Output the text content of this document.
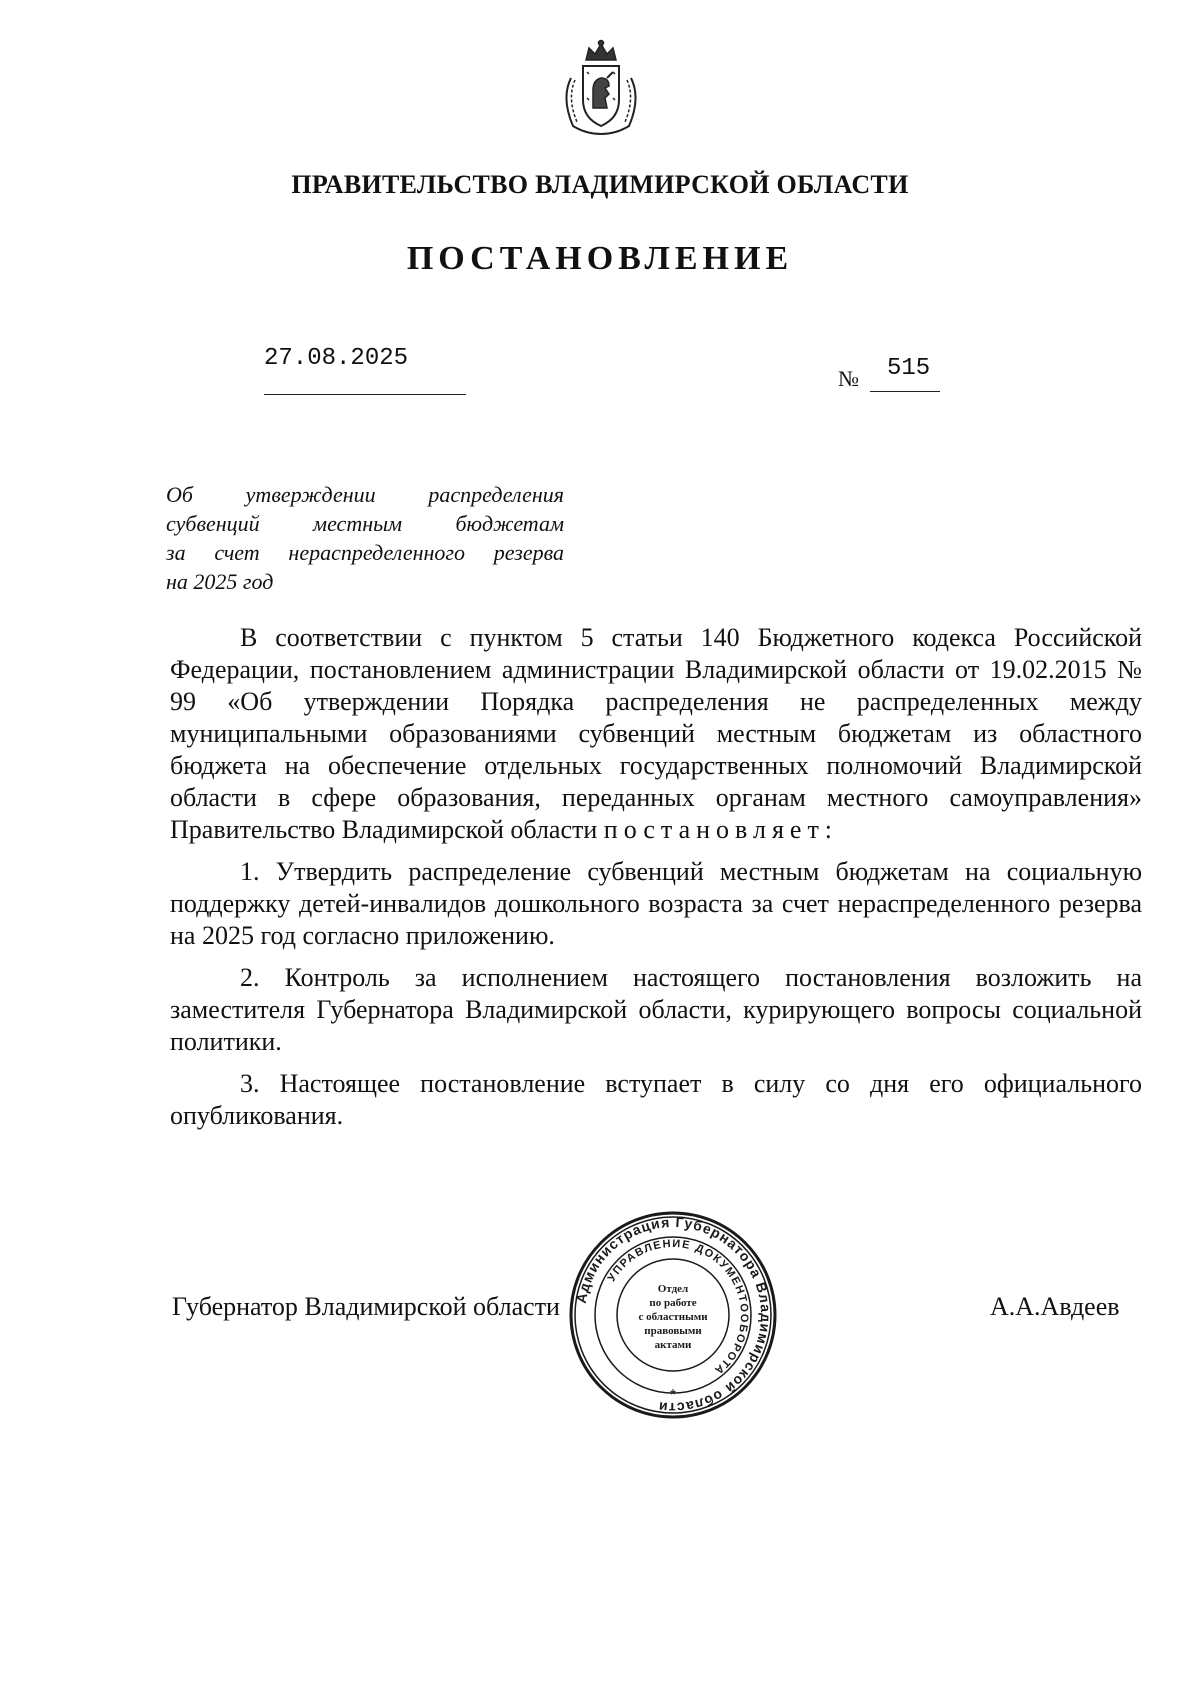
ПРАВИТЕЛЬСТВО ВЛАДИМИРСКОЙ ОБЛАСТИ
ПОСТАНОВЛЕНИЕ
27.08.2025
№ 515
Об утверждении распределения
субвенций местным бюджетам
за счет нераспределенного резерва
на 2025 год

В соответствии с пунктом 5 статьи 140 Бюджетного кодекса Российской Федерации, постановлением администрации Владимирской области от 19.02.2015 № 99 «Об утверждении Порядка распределения не распределенных между муниципальными образованиями субвенций местным бюджетам из областного бюджета на обеспечение отдельных государственных полномочий Владимирской области в сфере образования, переданных органам местного самоуправления» Правительство Владимирской области постановляет:

1. Утвердить распределение субвенций местным бюджетам на социальную поддержку детей-инвалидов дошкольного возраста за счет нераспределенного резерва на 2025 год согласно приложению.

2. Контроль за исполнением настоящего постановления возложить на заместителя Губернатора Владимирской области, курирующего вопросы социальной политики.

3. Настоящее постановление вступает в силу со дня его официального опубликования.

Губернатор Владимирской области	А.А.Авдеев
Администрация Губернатора Владимирской области
УПРАВЛЕНИЕ ДОКУМЕНТООБОРОТА
Отдел
по работе
с областными
правовыми
актами
*
